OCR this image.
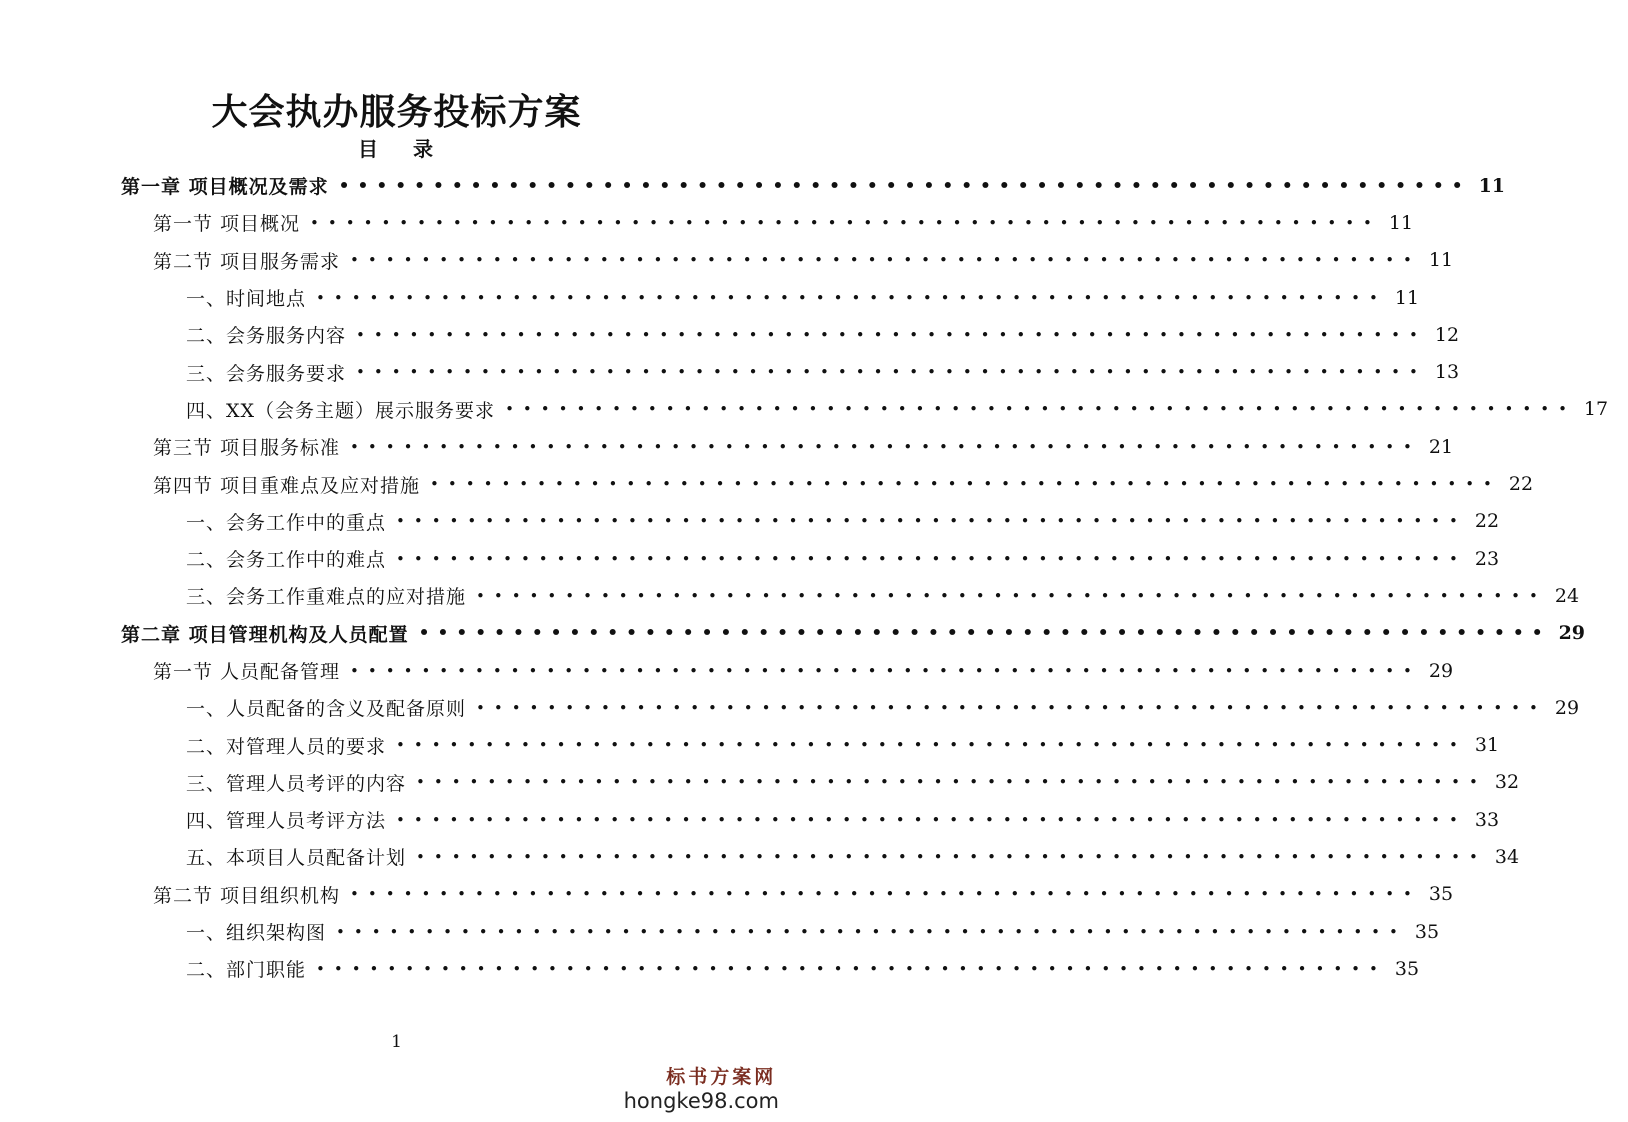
大会执办服务投标方案
目 录
第一章 项目概况及需求 •••••••••••••••••••••••••••••••••••••••••••••••••••••••••••• 11
第一节 项目概况 •••••••••••••••••••••••••••••••••••••••••••••••••••••••••••• 11
第二节 项目服务需求 •••••••••••••••••••••••••••••••••••••••••••••••••••••••••••• 11
一、时间地点 •••••••••••••••••••••••••••••••••••••••••••••••••••••••••••• 11
二、会务服务内容 •••••••••••••••••••••••••••••••••••••••••••••••••••••••••••• 12
三、会务服务要求 •••••••••••••••••••••••••••••••••••••••••••••••••••••••••••• 13
四、XX（会务主题）展示服务要求 •••••••••••••••••••••••••••••••••••••••••••••••••••••••••••• 17
第三节 项目服务标准 •••••••••••••••••••••••••••••••••••••••••••••••••••••••••••• 21
第四节 项目重难点及应对措施 •••••••••••••••••••••••••••••••••••••••••••••••••••••••••••• 22
一、会务工作中的重点 •••••••••••••••••••••••••••••••••••••••••••••••••••••••••••• 22
二、会务工作中的难点 •••••••••••••••••••••••••••••••••••••••••••••••••••••••••••• 23
三、会务工作重难点的应对措施 •••••••••••••••••••••••••••••••••••••••••••••••••••••••••••• 24
第二章 项目管理机构及人员配置 •••••••••••••••••••••••••••••••••••••••••••••••••••••••••••• 29
第一节 人员配备管理 •••••••••••••••••••••••••••••••••••••••••••••••••••••••••••• 29
一、人员配备的含义及配备原则 •••••••••••••••••••••••••••••••••••••••••••••••••••••••••••• 29
二、对管理人员的要求 •••••••••••••••••••••••••••••••••••••••••••••••••••••••••••• 31
三、管理人员考评的内容 •••••••••••••••••••••••••••••••••••••••••••••••••••••••••••• 32
四、管理人员考评方法 •••••••••••••••••••••••••••••••••••••••••••••••••••••••••••• 33
五、本项目人员配备计划 •••••••••••••••••••••••••••••••••••••••••••••••••••••••••••• 34
第二节 项目组织机构 •••••••••••••••••••••••••••••••••••••••••••••••••••••••••••• 35
一、组织架构图 •••••••••••••••••••••••••••••••••••••••••••••••••••••••••••• 35
二、部门职能 •••••••••••••••••••••••••••••••••••••••••••••••••••••••••••• 35
1
标书方案网
hongke98.com
